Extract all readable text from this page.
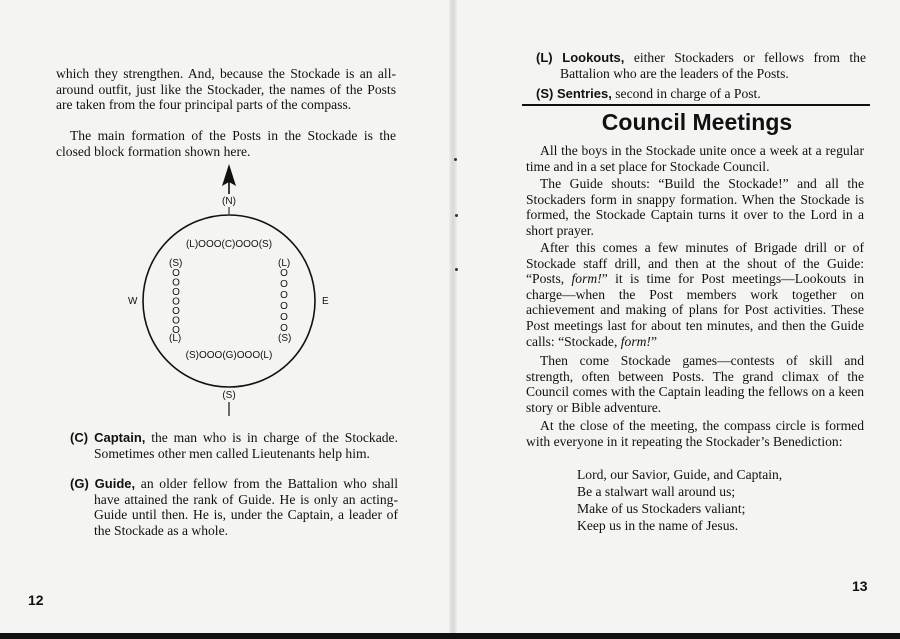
which they strengthen. And, because the Stockade is an all-around outfit, just like the Stockader, the names of the Posts are taken from the four principal parts of the compass.
The main formation of the Posts in the Stockade is the closed block formation shown here.
(N)
W	E
(L)OOO(C)OOO(S)
(S)
(L)
(L)
(S)
O
O
O
O
O
O
O
O
O
O
O
O
O
(S)OOO(G)OOO(L)
(S)
(C) Captain, the man who is in charge of the Stockade. Sometimes other men called Lieutenants help him.
(G) Guide, an older fellow from the Battalion who shall have attained the rank of Guide. He is only an acting-Guide until then. He is, under the Captain, a leader of the Stockade as a whole.
12
(L) Lookouts, either Stockaders or fellows from the Battalion who are the leaders of the Posts.
(S) Sentries, second in charge of a Post.
Council Meetings
All the boys in the Stockade unite once a week at a regular time and in a set place for Stockade Council.
The Guide shouts: “Build the Stockade!” and all the Stockaders form in snappy formation. When the Stockade is formed, the Stockade Captain turns it over to the Lord in a short prayer.
After this comes a few minutes of Brigade drill or of Stockade staff drill, and then at the shout of the Guide: “Posts, form!” it is time for Post meetings—Lookouts in charge—when the Post members work together on achievement and making of plans for Post activities. These Post meetings last for about ten minutes, and then the Guide calls: “Stockade, form!”
Then come Stockade games—contests of skill and strength, often between Posts. The grand climax of the Council comes with the Captain leading the fellows on a keen story or Bible adventure.
At the close of the meeting, the compass circle is formed with everyone in it repeating the Stockader’s Benediction:
Lord, our Savior, Guide, and Captain,
Be a stalwart wall around us;
Make of us Stockaders valiant;
Keep us in the name of Jesus.
13
